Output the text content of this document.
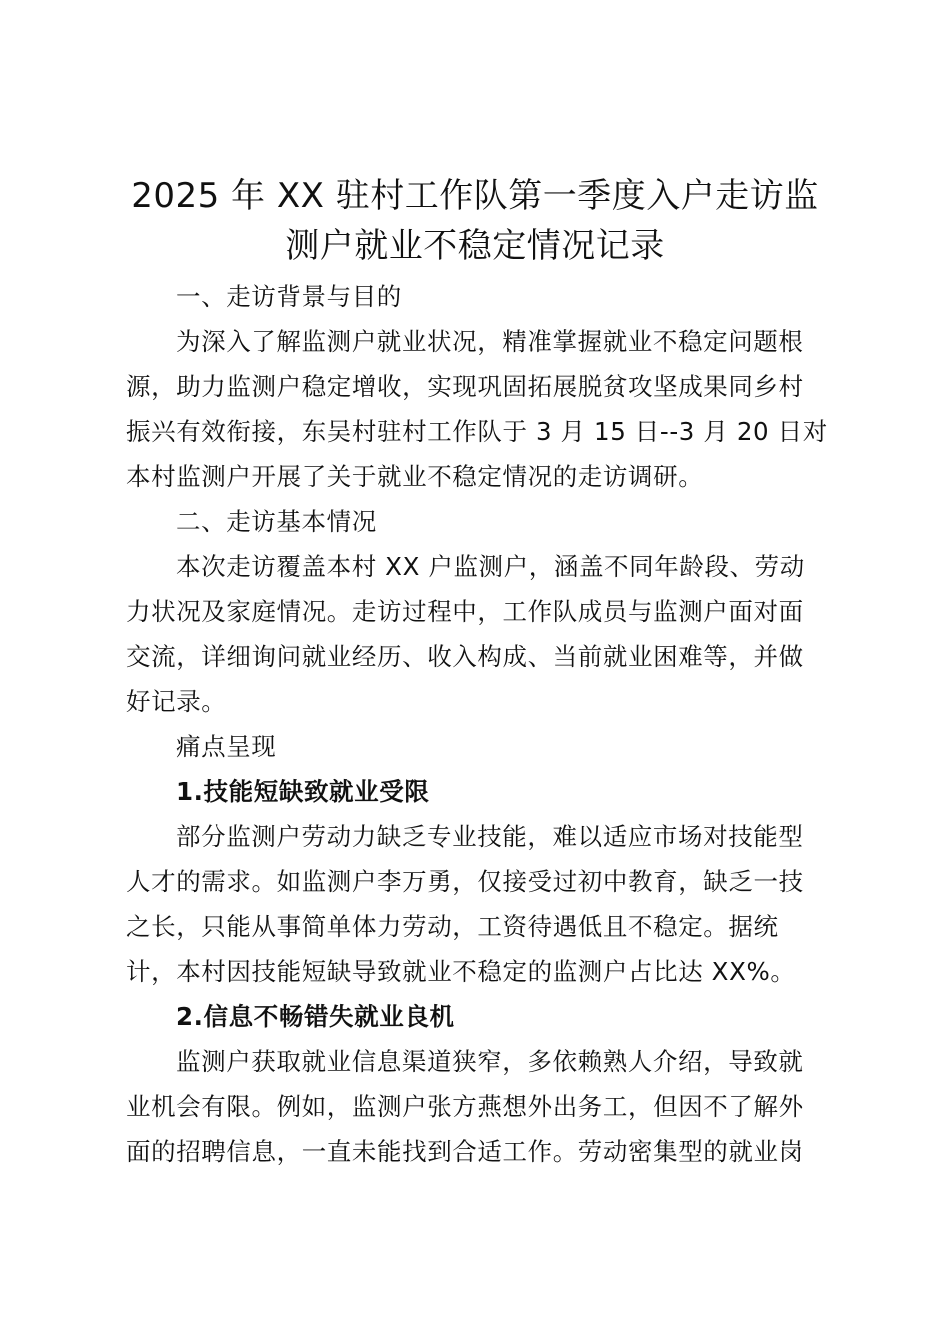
2025 年 XX 驻村工作队第一季度入户走访监
测户就业不稳定情况记录
一、走访背景与目的
为深入了解监测户就业状况，精准掌握就业不稳定问题根
源，助力监测户稳定增收，实现巩固拓展脱贫攻坚成果同乡村
振兴有效衔接，东吴村驻村工作队于 3 月 15 日--3 月 20 日对
本村监测户开展了关于就业不稳定情况的走访调研。
二、走访基本情况
本次走访覆盖本村 XX 户监测户，涵盖不同年龄段、劳动
力状况及家庭情况。走访过程中，工作队成员与监测户面对面
交流，详细询问就业经历、收入构成、当前就业困难等，并做
好记录。
痛点呈现
1.技能短缺致就业受限
部分监测户劳动力缺乏专业技能，难以适应市场对技能型
人才的需求。如监测户李万勇，仅接受过初中教育，缺乏一技
之长，只能从事简单体力劳动，工资待遇低且不稳定。据统
计，本村因技能短缺导致就业不稳定的监测户占比达 XX%。
2.信息不畅错失就业良机
监测户获取就业信息渠道狭窄，多依赖熟人介绍，导致就
业机会有限。例如，监测户张方燕想外出务工，但因不了解外
面的招聘信息，一直未能找到合适工作。劳动密集型的就业岗
